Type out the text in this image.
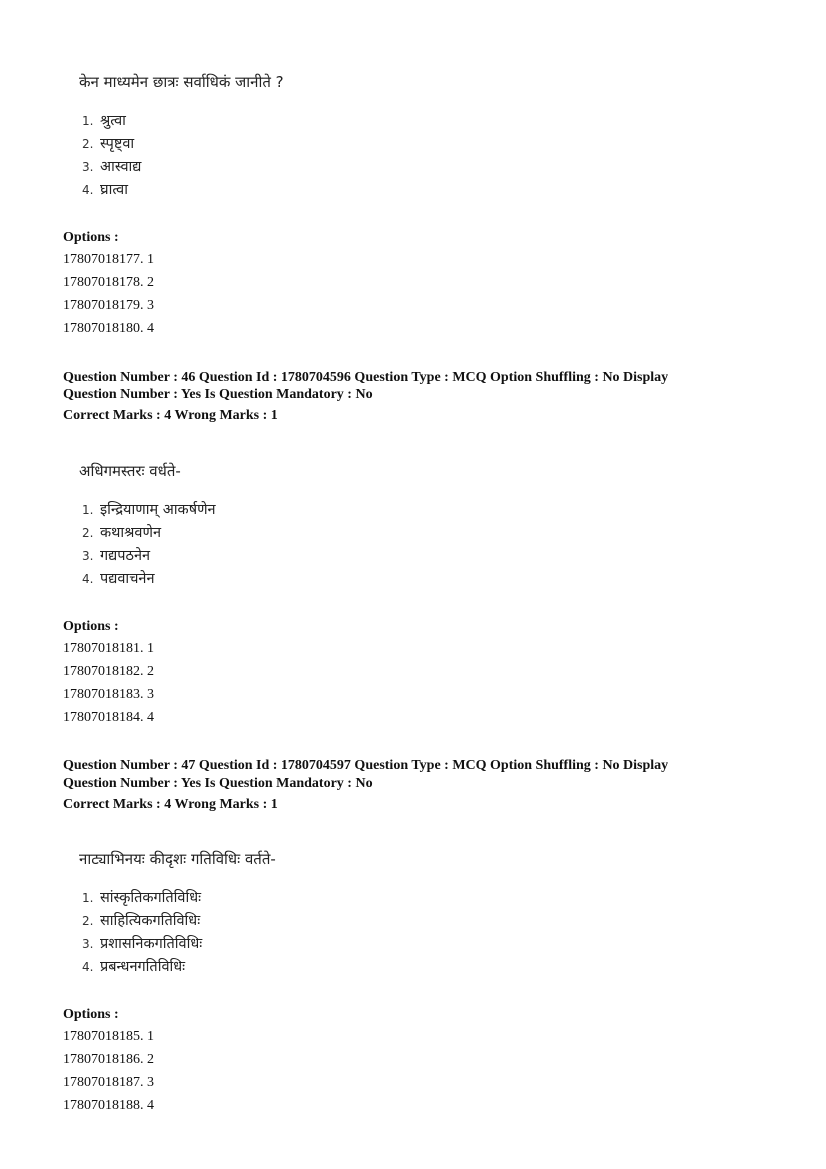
केन माध्यमेन छात्रः सर्वाधिकं जानीते ?
1. श्रुत्वा
2. स्पृष्ट्वा
3. आस्वाद्य
4. घ्रात्वा
Options :
17807018177. 1
17807018178. 2
17807018179. 3
17807018180. 4
Question Number : 46 Question Id : 1780704596 Question Type : MCQ Option Shuffling : No Display
Question Number : Yes Is Question Mandatory : No
Correct Marks : 4 Wrong Marks : 1
अधिगमस्तरः वर्धते-
1. इन्द्रियाणाम् आकर्षणेन
2. कथाश्रवणेन
3. गद्यपठनेन
4. पद्यवाचनेन
Options :
17807018181. 1
17807018182. 2
17807018183. 3
17807018184. 4
Question Number : 47 Question Id : 1780704597 Question Type : MCQ Option Shuffling : No Display
Question Number : Yes Is Question Mandatory : No
Correct Marks : 4 Wrong Marks : 1
नाट्याभिनयः कीदृशः गतिविधिः वर्तते-
1. सांस्कृतिकगतिविधिः
2. साहित्यिकगतिविधिः
3. प्रशासनिकगतिविधिः
4. प्रबन्धनगतिविधिः
Options :
17807018185. 1
17807018186. 2
17807018187. 3
17807018188. 4
